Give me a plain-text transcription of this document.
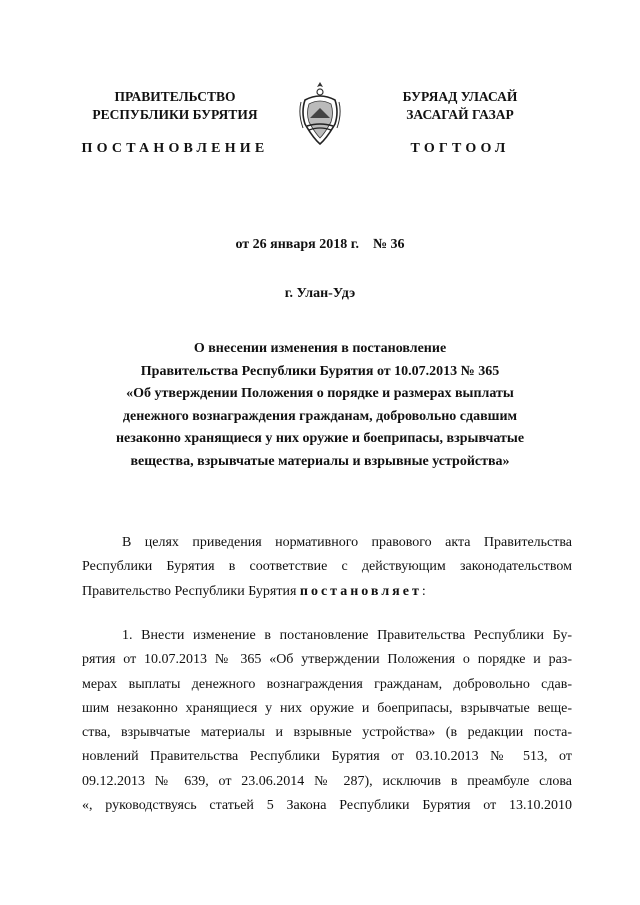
ПРАВИТЕЛЬСТВО
РЕСПУБЛИКИ БУРЯТИЯ
БУРЯАД УЛАСАЙ
ЗАСАГАЙ ГАЗАР
ПОСТАНОВЛЕНИЕ	ТОГТООЛ
от 26 января 2018 г. № 36
г. Улан-Удэ
О внесении изменения в постановление
Правительства Республики Бурятия от 10.07.2013 № 365
«Об утверждении Положения о порядке и размерах выплаты
денежного вознаграждения гражданам, добровольно сдавшим
незаконно хранящиеся у них оружие и боеприпасы, взрывчатые
вещества, взрывчатые материалы и взрывные устройства»
В целях приведения нормативного правового акта Правительства
Республики Бурятия в соответствие с действующим законодательством
Правительство Республики Бурятия постановляет:
1. Внести изменение в постановление Правительства Республики Бу-
рятия от 10.07.2013 № 365 «Об утверждении Положения о порядке и раз-
мерах выплаты денежного вознаграждения гражданам, добровольно сдав-
шим незаконно хранящиеся у них оружие и боеприпасы, взрывчатые веще-
ства, взрывчатые материалы и взрывные устройства» (в редакции поста-
новлений Правительства Республики Бурятия от 03.10.2013 № 513, от
09.12.2013 № 639, от 23.06.2014 № 287), исключив в преамбуле слова
«, руководствуясь статьей 5 Закона Республики Бурятия от 13.10.2010
